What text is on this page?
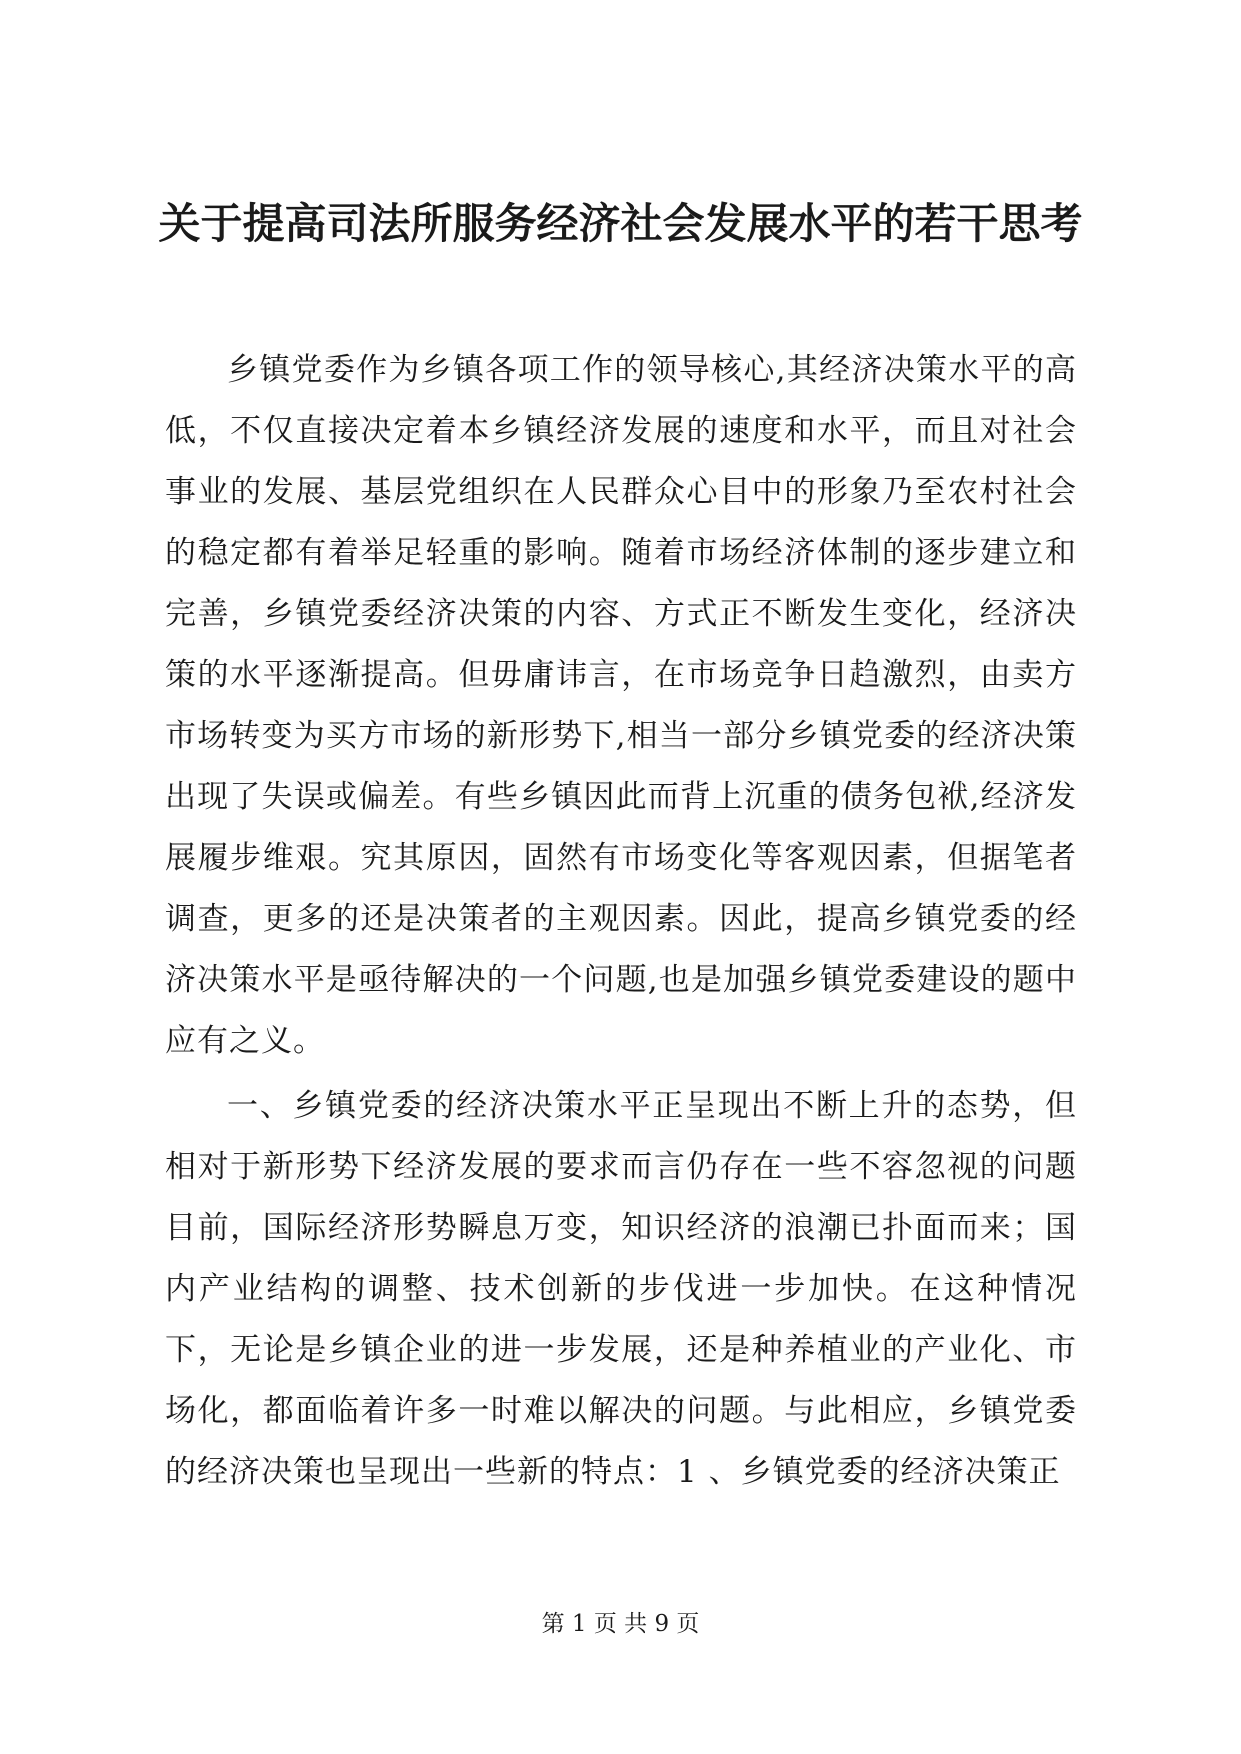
关于提高司法所服务经济社会发展水平的若干思考

乡镇党委作为乡镇各项工作的领导核心,其经济决策水平的高低，不仅直接决定着本乡镇经济发展的速度和水平，而且对社会事业的发展、基层党组织在人民群众心目中的形象乃至农村社会的稳定都有着举足轻重的影响。随着市场经济体制的逐步建立和完善，乡镇党委经济决策的内容、方式正不断发生变化，经济决策的水平逐渐提高。但毋庸讳言，在市场竞争日趋激烈，由卖方市场转变为买方市场的新形势下,相当一部分乡镇党委的经济决策出现了失误或偏差。有些乡镇因此而背上沉重的债务包袱,经济发展履步维艰。究其原因，固然有市场变化等客观因素，但据笔者调查，更多的还是决策者的主观因素。因此，提高乡镇党委的经济决策水平是亟待解决的一个问题,也是加强乡镇党委建设的题中应有之义。

一、乡镇党委的经济决策水平正呈现出不断上升的态势，但相对于新形势下经济发展的要求而言仍存在一些不容忽视的问题目前，国际经济形势瞬息万变，知识经济的浪潮已扑面而来；国内产业结构的调整、技术创新的步伐进一步加快。在这种情况下，无论是乡镇企业的进一步发展，还是种养植业的产业化、市场化，都面临着许多一时难以解决的问题。与此相应，乡镇党委的经济决策也呈现出一些新的特点：1 、乡镇党委的经济决策正

第 1 页 共 9 页
